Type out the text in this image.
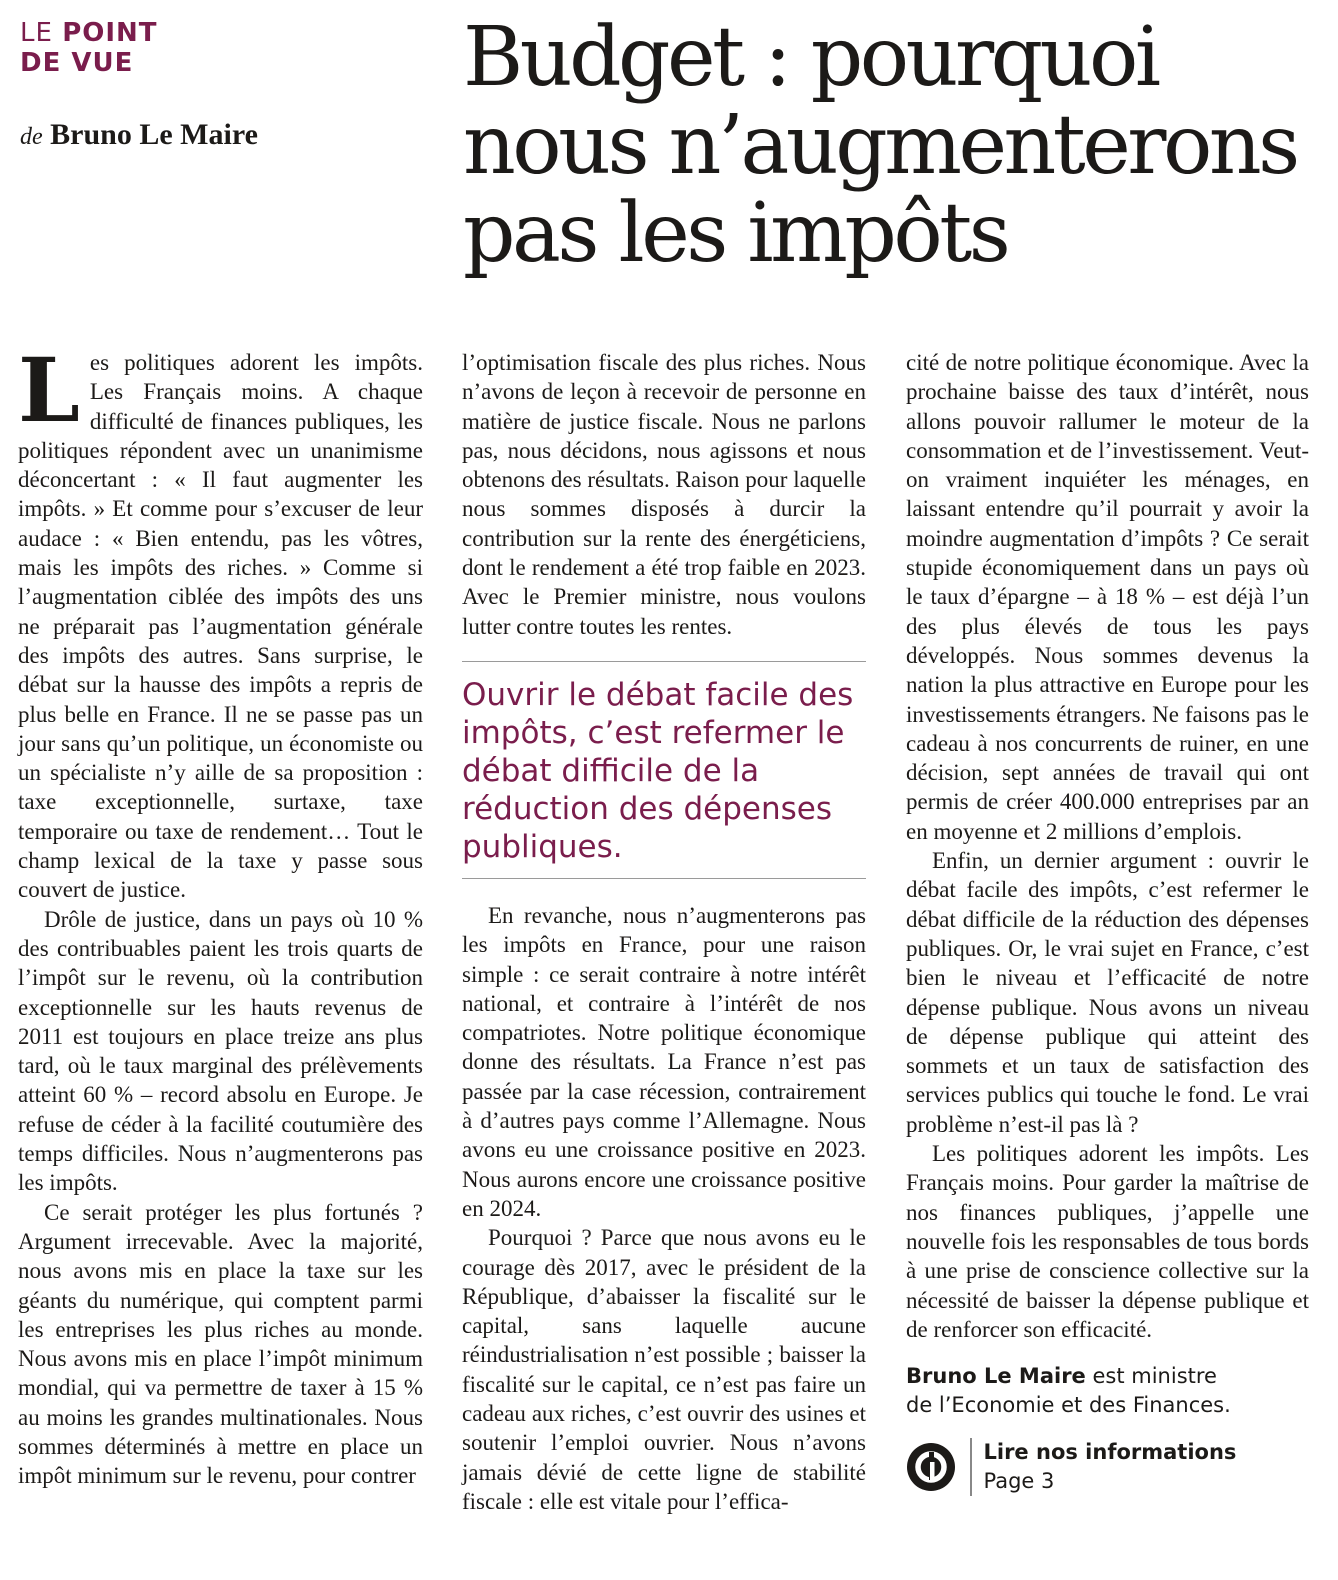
LE POINT
DE VUE
de Bruno Le Maire
Budget : pourquoi nous n’augmenterons pas les impôts

Les politiques adorent les impôts. Les Français moins. A chaque difficulté de finances publiques, les politiques répondent avec un unanimisme déconcertant : « Il faut augmenter les impôts. » Et comme pour s’excuser de leur audace : « Bien entendu, pas les vôtres, mais les impôts des riches. » Comme si l’augmentation ciblée des impôts des uns ne préparait pas l’augmentation générale des impôts des autres. Sans surprise, le débat sur la hausse des impôts a repris de plus belle en France. Il ne se passe pas un jour sans qu’un politique, un économiste ou un spécialiste n’y aille de sa proposition : taxe exceptionnelle, surtaxe, taxe temporaire ou taxe de rendement… Tout le champ lexical de la taxe y passe sous couvert de justice.

Drôle de justice, dans un pays où 10 % des contribuables paient les trois quarts de l’impôt sur le revenu, où la contribution exceptionnelle sur les hauts revenus de 2011 est toujours en place treize ans plus tard, où le taux marginal des prélèvements atteint 60 % – record absolu en Europe. Je refuse de céder à la facilité coutumière des temps difficiles. Nous n’augmenterons pas les impôts.

Ce serait protéger les plus fortunés ? Argument irrecevable. Avec la majorité, nous avons mis en place la taxe sur les géants du numérique, qui comptent parmi les entreprises les plus riches au monde. Nous avons mis en place l’impôt minimum mondial, qui va permettre de taxer à 15 % au moins les grandes multinationales. Nous sommes déterminés à mettre en place un impôt minimum sur le revenu, pour contrer

l’optimisation fiscale des plus riches. Nous n’avons de leçon à recevoir de personne en matière de justice fiscale. Nous ne parlons pas, nous décidons, nous agissons et nous obtenons des résultats. Raison pour laquelle nous sommes disposés à durcir la contribution sur la rente des énergéticiens, dont le rendement a été trop faible en 2023. Avec le Premier ministre, nous voulons lutter contre toutes les rentes.

Ouvrir le débat facile des impôts, c’est refermer le débat difficile de la réduction des dépenses publiques.

En revanche, nous n’augmenterons pas les impôts en France, pour une raison simple : ce serait contraire à notre intérêt national, et contraire à l’intérêt de nos compatriotes. Notre politique économique donne des résultats. La France n’est pas passée par la case récession, contrairement à d’autres pays comme l’Allemagne. Nous avons eu une croissance positive en 2023. Nous aurons encore une croissance positive en 2024.

Pourquoi ? Parce que nous avons eu le courage dès 2017, avec le président de la République, d’abaisser la fiscalité sur le capital, sans laquelle aucune réindustrialisation n’est possible ; baisser la fiscalité sur le capital, ce n’est pas faire un cadeau aux riches, c’est ouvrir des usines et soutenir l’emploi ouvrier. Nous n’avons jamais dévié de cette ligne de stabilité fiscale : elle est vitale pour l’effica-

cité de notre politique économique. Avec la prochaine baisse des taux d’intérêt, nous allons pouvoir rallumer le moteur de la consommation et de l’investissement. Veut-on vraiment inquiéter les ménages, en laissant entendre qu’il pourrait y avoir la moindre augmentation d’impôts ? Ce serait stupide économiquement dans un pays où le taux d’épargne – à 18 % – est déjà l’un des plus élevés de tous les pays développés. Nous sommes devenus la nation la plus attractive en Europe pour les investissements étrangers. Ne faisons pas le cadeau à nos concurrents de ruiner, en une décision, sept années de travail qui ont permis de créer 400.000 entreprises par an en moyenne et 2 millions d’emplois.

Enfin, un dernier argument : ouvrir le débat facile des impôts, c’est refermer le débat difficile de la réduction des dépenses publiques. Or, le vrai sujet en France, c’est bien le niveau et l’efficacité de notre dépense publique. Nous avons un niveau de dépense publique qui atteint des sommets et un taux de satisfaction des services publics qui touche le fond. Le vrai problème n’est-il pas là ?

Les politiques adorent les impôts. Les Français moins. Pour garder la maîtrise de nos finances publiques, j’appelle une nouvelle fois les responsables de tous bords à une prise de conscience collective sur la nécessité de baisser la dépense publique et de renforcer son efficacité.

Bruno Le Maire est ministre
de l’Economie et des Finances.
Lire nos informations
Page 3
